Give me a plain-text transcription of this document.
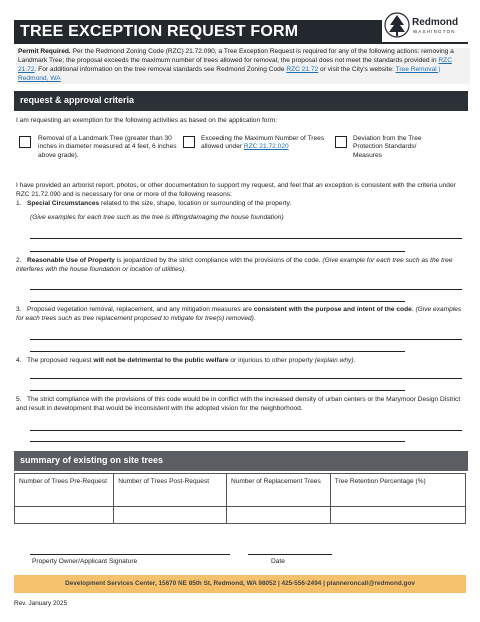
TREE EXCEPTION REQUEST FORM
Redmond
WASHINGTON
Permit Required. Per the Redmond Zoning Code (RZC) 21.72.090, a Tree Exception Request is required for any of the following actions: removing a Landmark Tree; the proposal exceeds the maximum number of trees allowed for removal; the proposal does not meet the standards provided in RZC 21.72. For additional information on the tree removal standards see Redmond Zoning Code RZC 21.72 or visit the City's website: Tree Removal | Redmond, WA
request & approval criteria
I am requesting an exemption for the following activities as based on the application form:
Removal of a Landmark Tree (greater than 30 inches in diameter measured at 4 feet, 6 inches above grade).
Exceeding the Maximum Number of Trees allowed under RZC 21.72.020
Deviation from the Tree Protection Standards/ Measures
I have provided an arborist report, photos, or other documentation to support my request, and feel that an exception is consistent with the criteria under RZC 21.72.090 and is necessary for one or more of the following reasons:
1. Special Circumstances related to the size, shape, location or surrounding of the property.
(Give examples for each tree such as the tree is lifting/damaging the house foundation)
2. Reasonable Use of Property is jeopardized by the strict compliance with the provisions of the code. (Give example for each tree such as the tree interferes with the house foundation or location of utilities).
3. Proposed vegetation removal, replacement, and any mitigation measures are consistent with the purpose and intent of the code. (Give examples for each trees such as tree replacement proposed to mitigate for tree(s) removed).
4. The proposed request will not be detrimental to the public welfare or injurious to other property (explain why).
5. The strict compliance with the provisions of this code would be in conflict with the increased density of urban centers or the Marymoor Design District and result in development that would be inconsistent with the adopted vision for the neighborhood.
summary of existing on site trees
Number of Trees Pre-Request	Number of Trees Post-Request	Number of Replacement Trees	Tree Retention Percentage (%)

Property Owner/Applicant Signature	Date
Development Services Center, 15670 NE 85th St, Redmond, WA 98052 | 425-556-2494 | planneroncall@redmond.gov
Rev. January 2025
